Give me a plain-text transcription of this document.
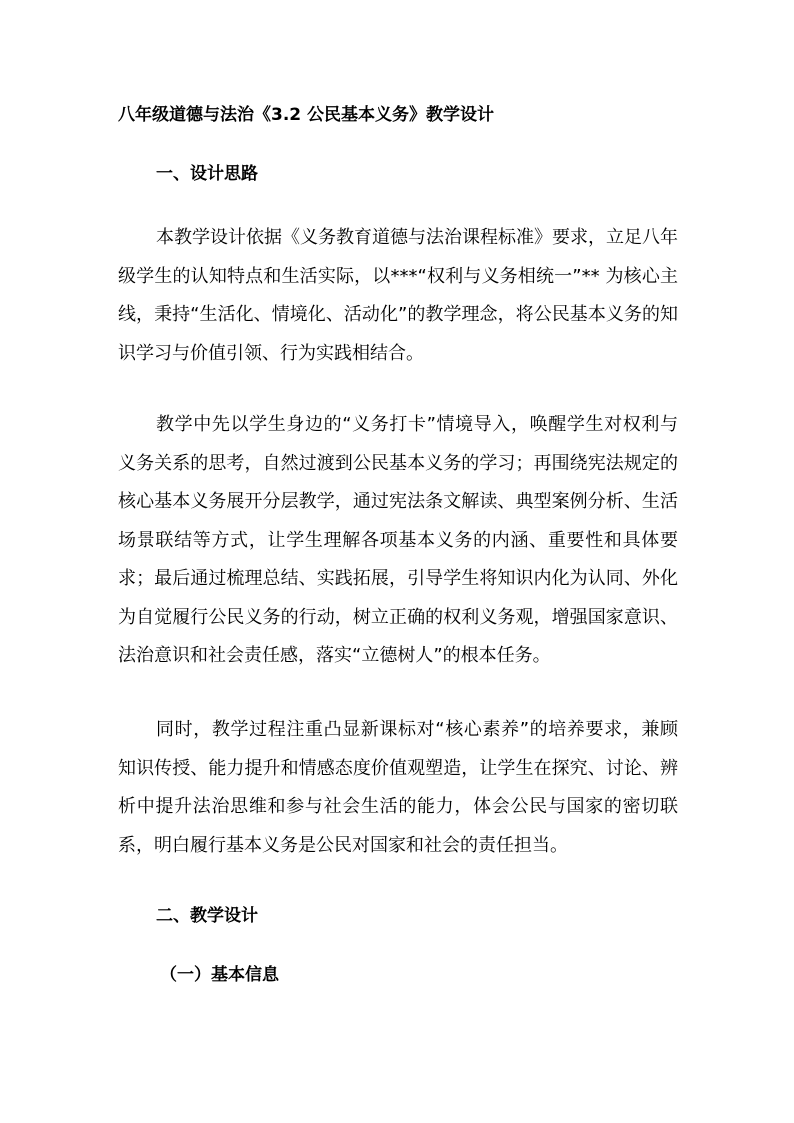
八年级道德与法治《3.2 公民基本义务》教学设计
一、设计思路

本教学设计依据《义务教育道德与法治课程标准》要求，立足八年级学生的认知特点和生活实际，以***“权利与义务相统一”** 为核心主线，秉持“生活化、情境化、活动化”的教学理念，将公民基本义务的知识学习与价值引领、行为实践相结合。

教学中先以学生身边的“义务打卡”情境导入，唤醒学生对权利与义务关系的思考，自然过渡到公民基本义务的学习；再围绕宪法规定的核心基本义务展开分层教学，通过宪法条文解读、典型案例分析、生活场景联结等方式，让学生理解各项基本义务的内涵、重要性和具体要求；最后通过梳理总结、实践拓展，引导学生将知识内化为认同、外化为自觉履行公民义务的行动，树立正确的权利义务观，增强国家意识、法治意识和社会责任感，落实“立德树人”的根本任务。

同时，教学过程注重凸显新课标对“核心素养”的培养要求，兼顾知识传授、能力提升和情感态度价值观塑造，让学生在探究、讨论、辨析中提升法治思维和参与社会生活的能力，体会公民与国家的密切联系，明白履行基本义务是公民对国家和社会的责任担当。

二、教学设计
（一）基本信息
